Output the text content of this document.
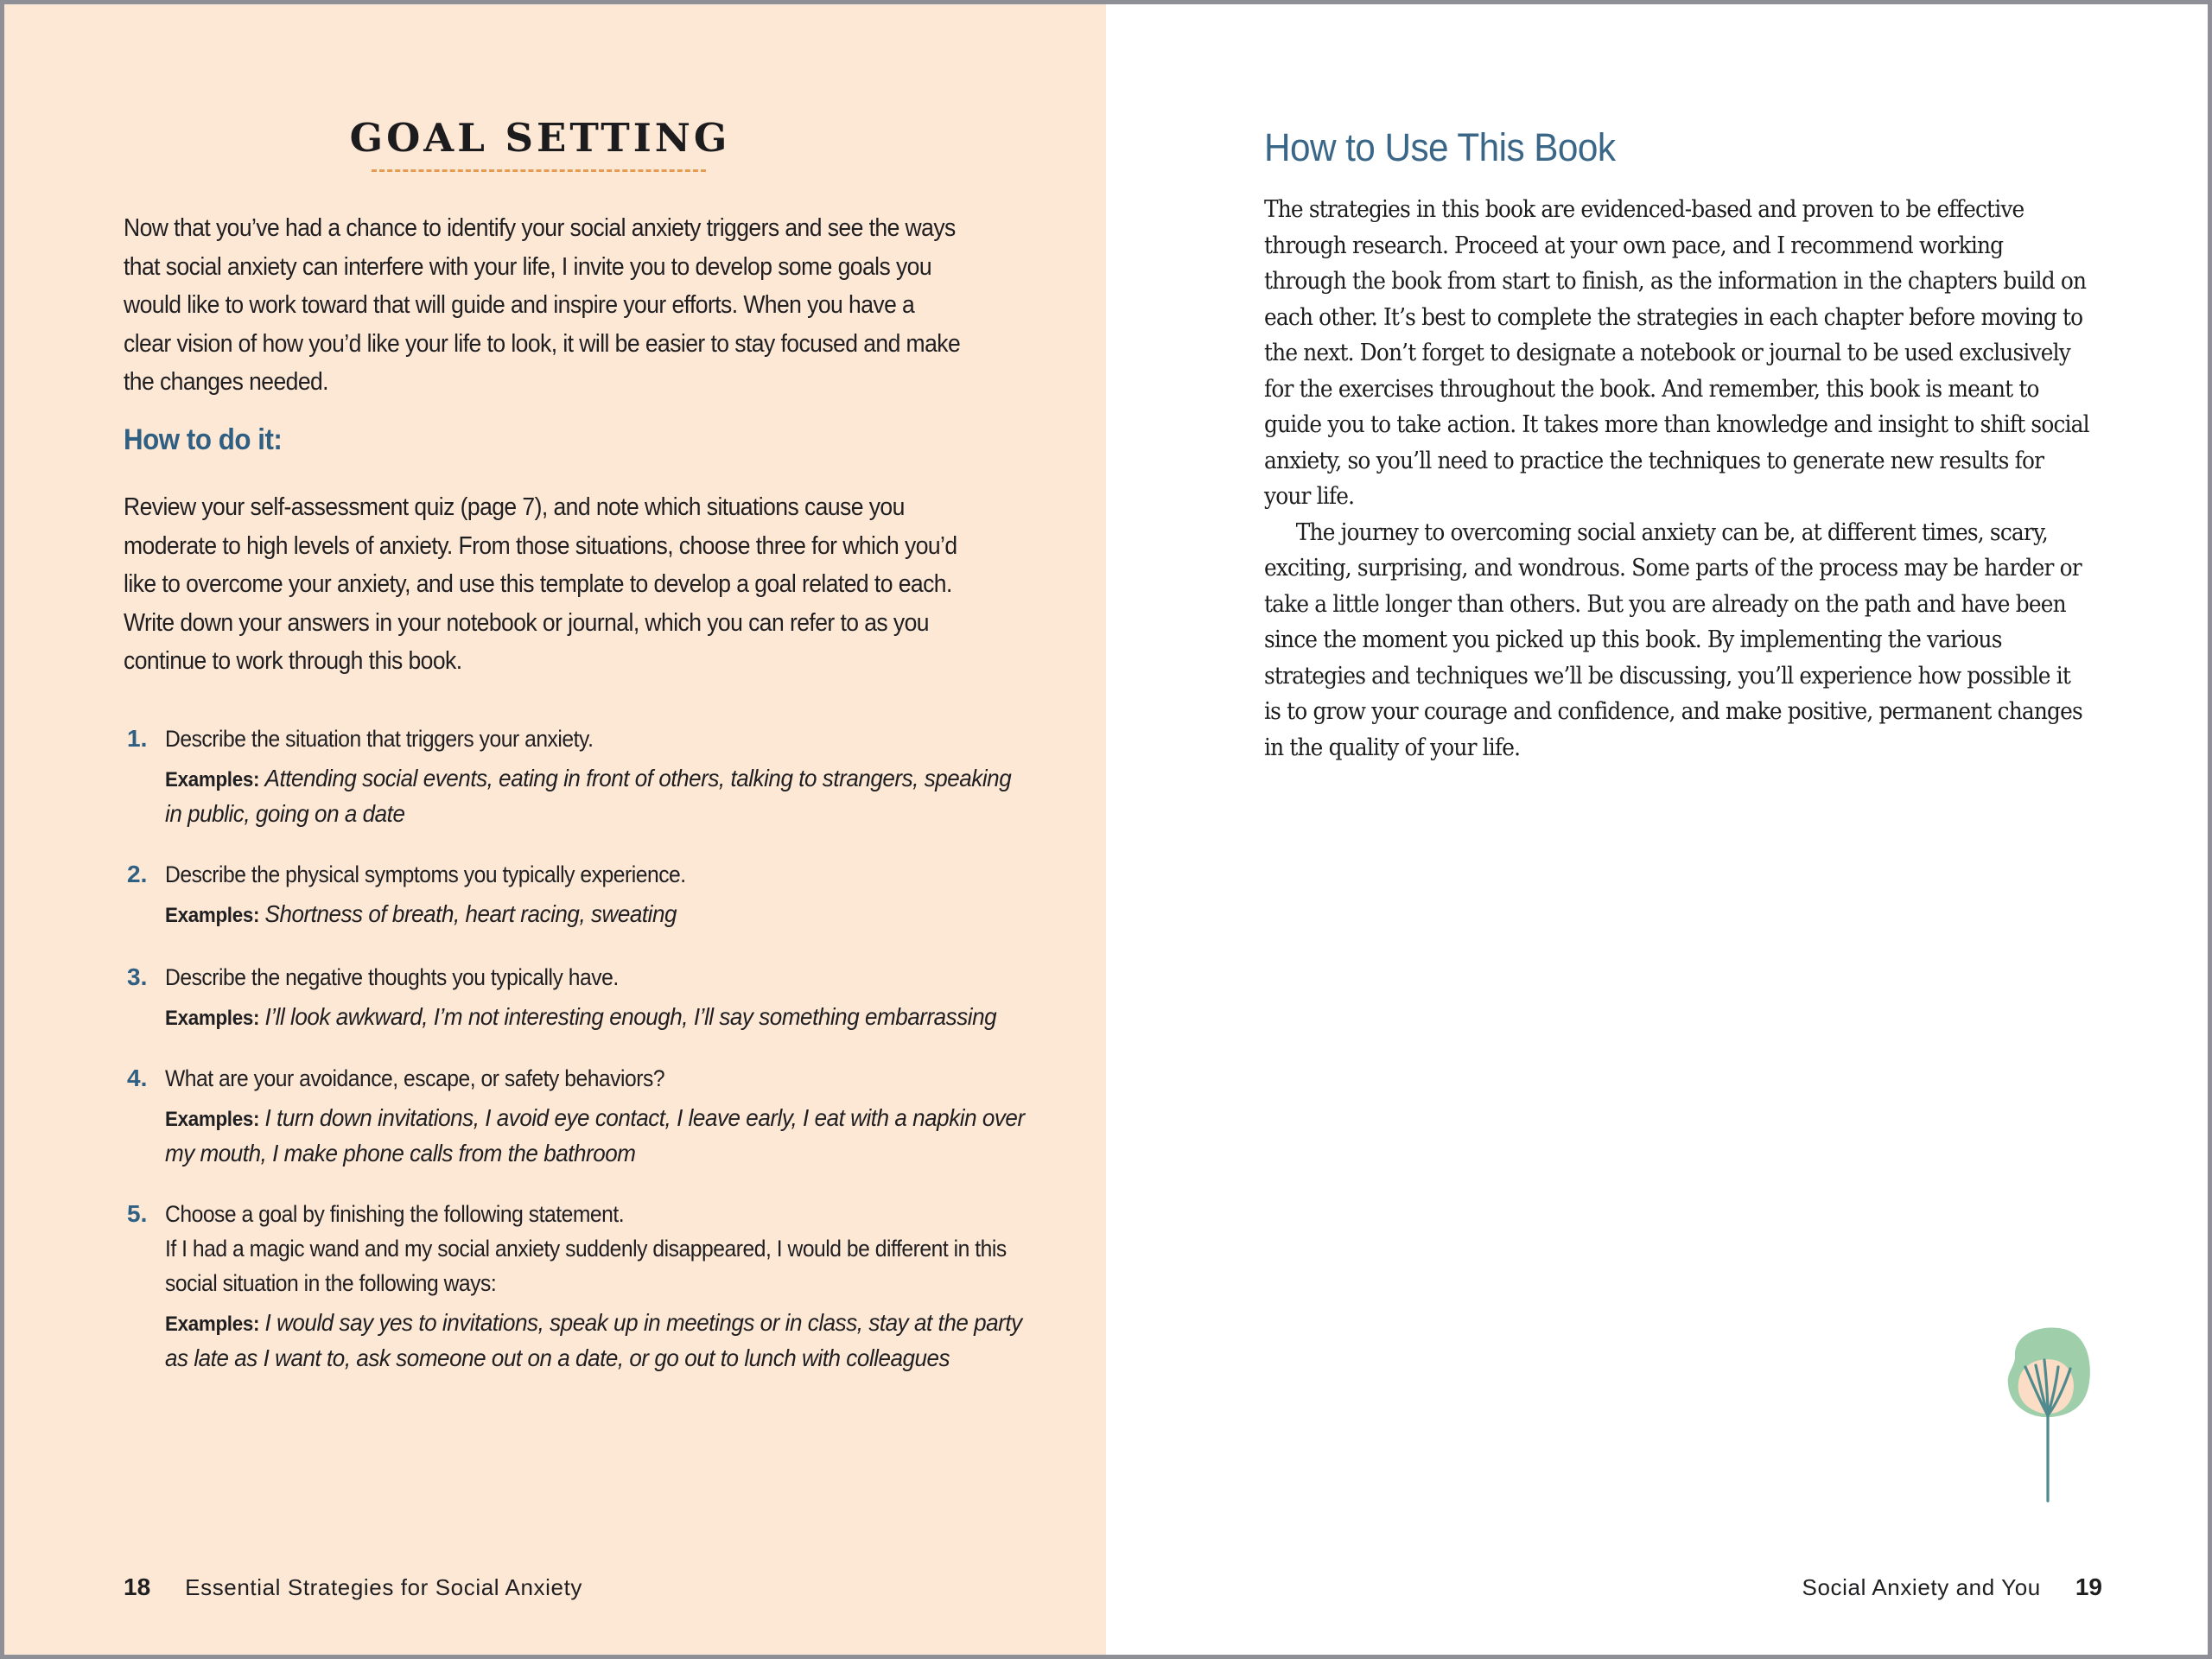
GOAL SETTING
Now that you’ve had a chance to identify your social anxiety triggers and see the ways that social anxiety can interfere with your life, I invite you to develop some goals you would like to work toward that will guide and inspire your efforts. When you have a clear vision of how you’d like your life to look, it will be easier to stay focused and make the changes needed.
How to do it:
Review your self-assessment quiz (page 7), and note which situations cause you moderate to high levels of anxiety. From those situations, choose three for which you’d like to overcome your anxiety, and use this template to develop a goal related to each. Write down your answers in your notebook or journal, which you can refer to as you continue to work through this book.
1. Describe the situation that triggers your anxiety.
Examples: Attending social events, eating in front of others, talking to strangers, speaking in public, going on a date
2. Describe the physical symptoms you typically experience.
Examples: Shortness of breath, heart racing, sweating
3. Describe the negative thoughts you typically have.
Examples: I’ll look awkward, I’m not interesting enough, I’ll say something embarrassing
4. What are your avoidance, escape, or safety behaviors?
Examples: I turn down invitations, I avoid eye contact, I leave early, I eat with a napkin over my mouth, I make phone calls from the bathroom
5. Choose a goal by finishing the following statement.
If I had a magic wand and my social anxiety suddenly disappeared, I would be different in this social situation in the following ways:
Examples: I would say yes to invitations, speak up in meetings or in class, stay at the party as late as I want to, ask someone out on a date, or go out to lunch with colleagues
18 Essential Strategies for Social Anxiety
How to Use This Book

The strategies in this book are evidenced-based and proven to be effective through research. Proceed at your own pace, and I recommend working through the book from start to finish, as the information in the chapters build on each other. It’s best to complete the strategies in each chapter before moving to the next. Don’t forget to designate a notebook or journal to be used exclusively for the exercises throughout the book. And remember, this book is meant to guide you to take action. It takes more than knowledge and insight to shift social anxiety, so you’ll need to practice the techniques to generate new results for your life.

The journey to overcoming social anxiety can be, at different times, scary, exciting, surprising, and wondrous. Some parts of the process may be harder or take a little longer than others. But you are already on the path and have been since the moment you picked up this book. By implementing the various strategies and techniques we’ll be discussing, you’ll experience how possible it is to grow your courage and confidence, and make positive, permanent changes in the quality of your life.

Social Anxiety and You 19
